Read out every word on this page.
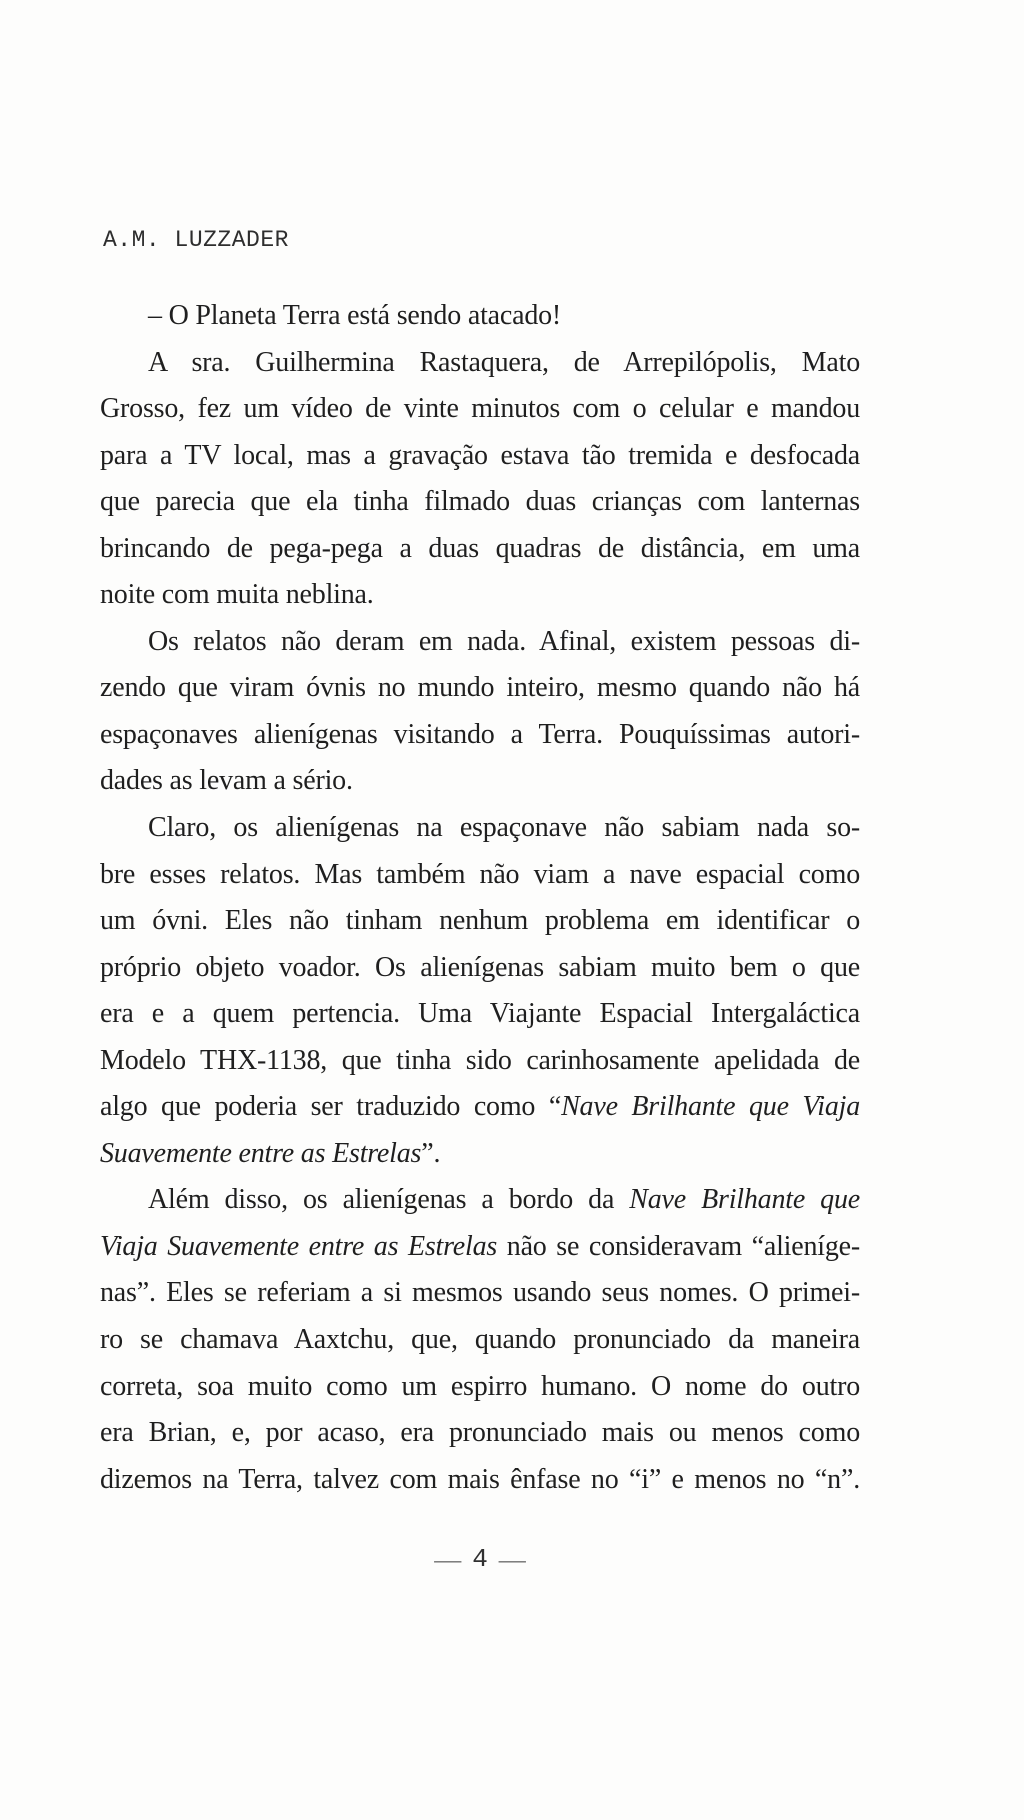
A.M. LUZZADER
– O Planeta Terra está sendo atacado!
A sra. Guilhermina Rastaquera, de Arrepilópolis, Mato
Grosso, fez um vídeo de vinte minutos com o celular e mandou
para a TV local, mas a gravação estava tão tremida e desfocada
que parecia que ela tinha filmado duas crianças com lanternas
brincando de pega-pega a duas quadras de distância, em uma
noite com muita neblina.
Os relatos não deram em nada. Afinal, existem pessoas di-
zendo que viram óvnis no mundo inteiro, mesmo quando não há
espaçonaves alienígenas visitando a Terra. Pouquíssimas autori-
dades as levam a sério.
Claro, os alienígenas na espaçonave não sabiam nada so-
bre esses relatos. Mas também não viam a nave espacial como
um óvni. Eles não tinham nenhum problema em identificar o
próprio objeto voador. Os alienígenas sabiam muito bem o que
era e a quem pertencia. Uma Viajante Espacial Intergaláctica
Modelo THX-1138, que tinha sido carinhosamente apelidada de
algo que poderia ser traduzido como “Nave Brilhante que Viaja
Suavemente entre as Estrelas”.
Além disso, os alienígenas a bordo da Nave Brilhante que
Viaja Suavemente entre as Estrelas não se consideravam “alieníge-
nas”. Eles se referiam a si mesmos usando seus nomes. O primei-
ro se chamava Aaxtchu, que, quando pronunciado da maneira
correta, soa muito como um espirro humano. O nome do outro
era Brian, e, por acaso, era pronunciado mais ou menos como
dizemos na Terra, talvez com mais ênfase no “i” e menos no “n”.
— 4 —
